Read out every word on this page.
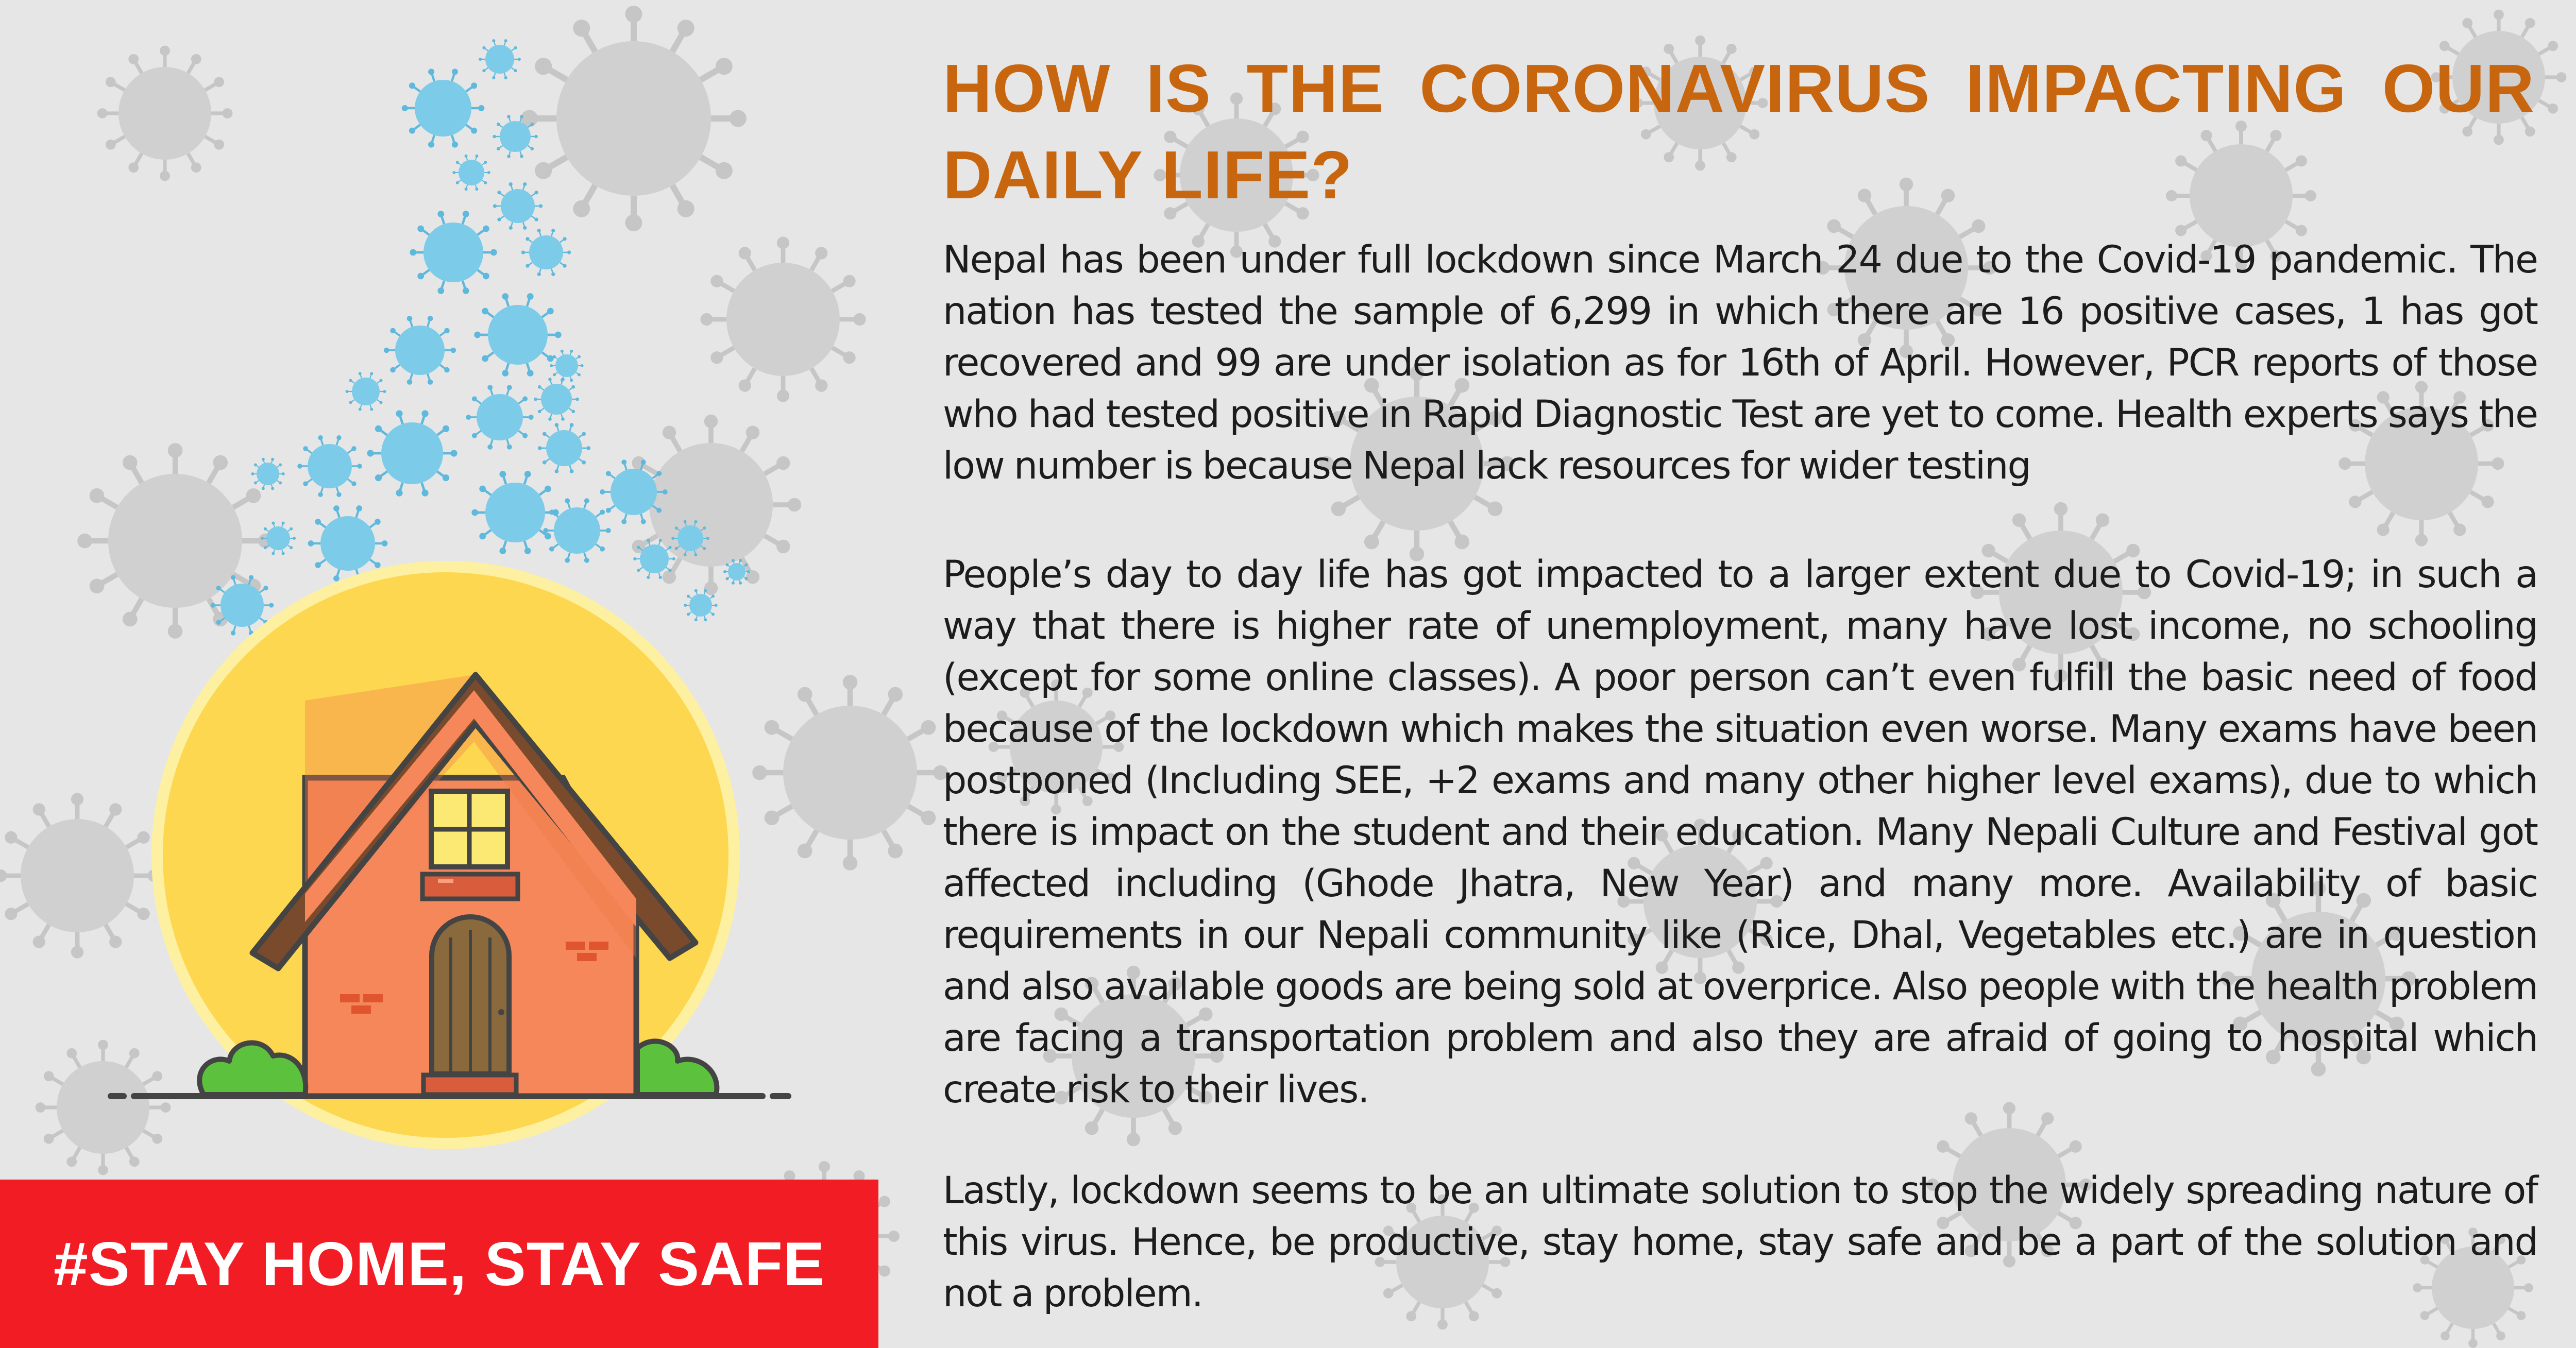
HOW IS THE CORONAVIRUS IMPACTING OUR DAILY LIFE?

Nepal has been under full lockdown since March 24 due to the Covid-19 pandemic. The nation has tested the sample of 6,299 in which there are 16 positive cases, 1 has got recovered and 99 are under isolation as for 16th of April. However, PCR reports of those who had tested positive in Rapid Diagnostic Test are yet to come. Health experts says the low number is because Nepal lack resources for wider testing

People’s day to day life has got impacted to a larger extent due to Covid-19; in such a way that there is higher rate of unemployment, many have lost income, no schooling (except for some online classes). A poor person can’t even fulfill the basic need of food because of the lockdown which makes the situation even worse. Many exams have been postponed (Including SEE, +2 exams and many other higher level exams), due to which there is impact on the student and their education. Many Nepali Culture and Festival got affected including (Ghode Jhatra, New Year) and many more. Availability of basic requirements in our Nepali community like (Rice, Dhal, Vegetables etc.) are in question and also available goods are being sold at overprice. Also people with the health problem are facing a transportation problem and also they are afraid of going to hospital which create risk to their lives.

Lastly, lockdown seems to be an ultimate solution to stop the widely spreading nature of this virus. Hence, be productive, stay home, stay safe and be a part of the solution and not a problem.

#STAY HOME, STAY SAFE
